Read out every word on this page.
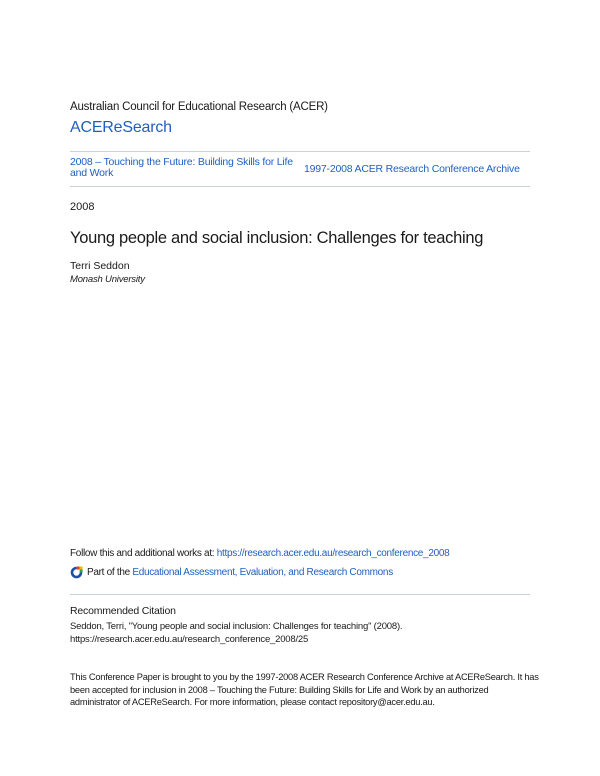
Australian Council for Educational Research (ACER)
ACEReSearch
2008 – Touching the Future: Building Skills for Life and Work	1997-2008 ACER Research Conference Archive
2008
Young people and social inclusion: Challenges for teaching
Terri Seddon
Monash University
Follow this and additional works at: https://research.acer.edu.au/research_conference_2008
Part of the
Educational Assessment, Evaluation, and Research Commons
Recommended Citation
Seddon, Terri, "Young people and social inclusion: Challenges for teaching" (2008).
https://research.acer.edu.au/research_conference_2008/25
This Conference Paper is brought to you by the 1997-2008 ACER Research Conference Archive at ACEReSearch. It has been accepted for inclusion in 2008 – Touching the Future: Building Skills for Life and Work by an authorized administrator of ACEReSearch. For more information, please contact repository@acer.edu.au.
